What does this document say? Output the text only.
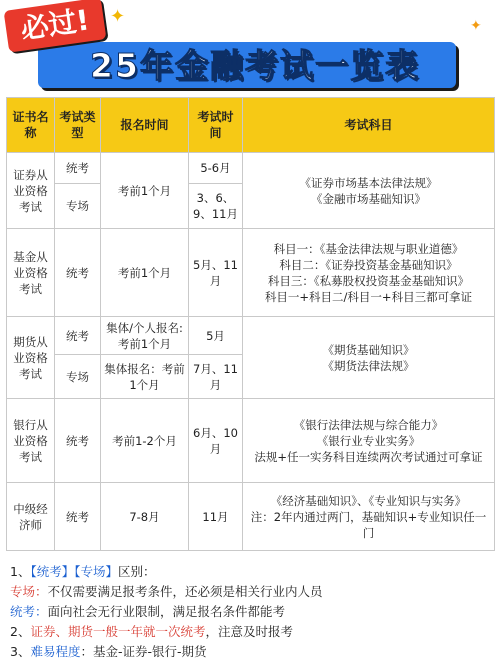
✦	✦
必过!
25年金融考试一览表
证书名称	考试类型	报名时间	考试时间	考试科目
证券从业资格考试	统考	考前1个月	5-6月	《证券市场基本法律法规》
《金融市场基础知识》

	专场		3、6、9、11月	
基金从业资格考试	统考	考前1个月	5月、11月	科目一：《基金法律法规与职业道德》
科目二：《证券投资基金基础知识》
科目三：《私募股权投资基金基础知识》
科目一+科目二/科目一+科目三都可拿证

期货从业资格考试	统考	集体/个人报名:考前1个月	5月	《期货基础知识》
《期货法律法规》

	专场	集体报名：考前1个月	7月、11月	
银行从业资格考试	统考	考前1-2个月	6月、10月	《银行法律法规与综合能力》
《银行业专业实务》
法规+任一实务科目连续两次考试通过可拿证

中级经济师	统考	7-8月	11月	《经济基础知识》、《专业知识与实务》
注：2年内通过两门，基础知识+专业知识任一门
1、【统考】【专场】区别：
专场：不仅需要满足报考条件，还必须是相关行业内人员
统考：面向社会无行业限制，满足报名条件都能考
2、证券、期货一般一年就一次统考，注意及时报考
3、难易程度：基金-证券-银行-期货
